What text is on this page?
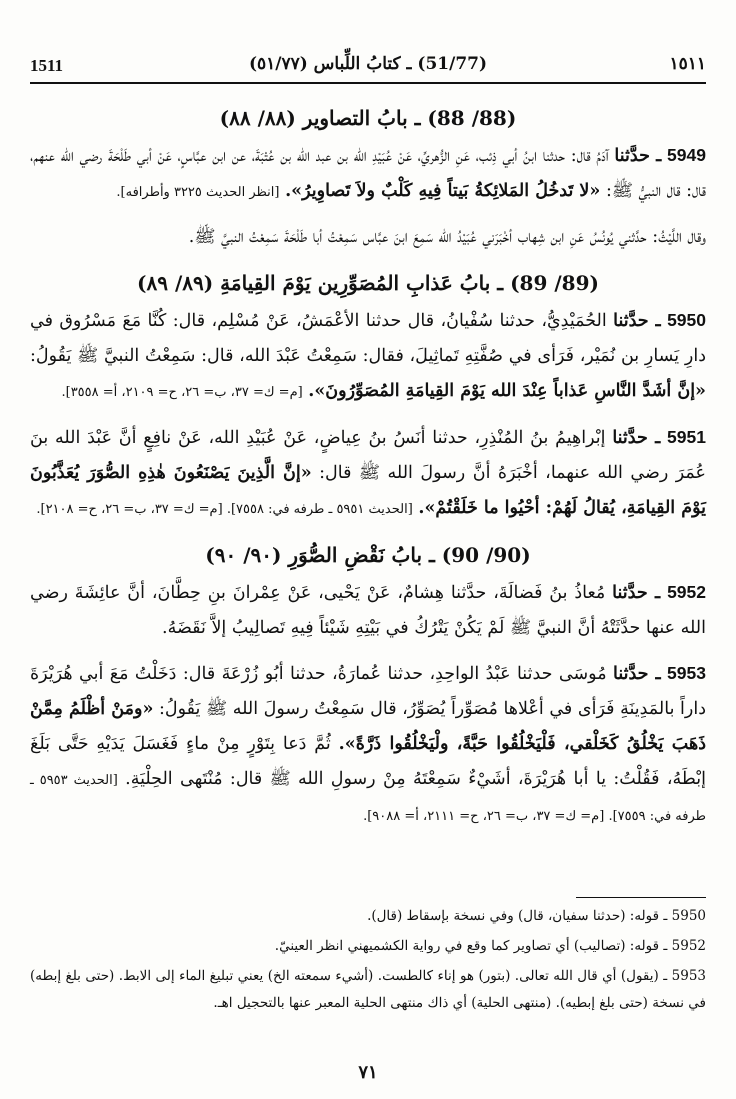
1511	(51/77) ـ كتابُ اللِّباس (٥١/٧٧)	١٥١١
(88/ 88) ـ بابُ التصاوير (٨٨/ ٨٨)

5949 ـ حدَّثنا آدَمُ قال: حدثنا ابنُ أبي ذِئب، عَنِ الزُّهريِّ، عَنْ عُبَيْدِ الله بن عبد الله بن عُتْبَةَ، عن ابن عبَّاسٍ، عَنْ أبي طَلْحَةَ رضي الله عنهم، قال: قال النبيُّ ﷺ: «لا تَدخُلُ المَلائِكةُ بَيتاً فِيهِ كَلْبٌ ولاَ تَصاوِيرُ». [انظر الحديث ٣٢٢٥ وأطرافه].

وقال اللَّيْثُ: حدَّثني يُونُسُ عَنِ ابن شِهاب أخْبَرَني عُبَيْدُ الله سَمِعَ ابنَ عبَّاس سَمِعْتُ أبا طَلْحَةَ سَمِعْتُ النبيَّ ﷺ.

(89/ 89) ـ بابُ عَذابِ المُصَوِّرِين يَوْمَ القِيامَةِ (٨٩/ ٨٩)

5950 ـ حدَّثنا الحُمَيْدِيُّ، حدثنا سُفْيانُ، قال حدثنا الأعْمَشُ، عَنْ مُسْلِم، قال: كُنَّا مَعَ مَسْرُوق في دارِ يَسارِ بن نُمَيْر، فَرَأى في صُفَّتِهِ تَماثِيلَ، فقال: سَمِعْتُ عَبْدَ الله، قال: سَمِعْتُ النبيَّ ﷺ يَقُولُ: «إنَّ أشَدَّ النَّاسِ عَذاباً عِنْدَ الله يَوْمَ القِيامَةِ المُصَوِّرُونَ». [م= ك= ٣٧، ب= ٢٦، ح= ٢١٠٩، أ= ٣٥٥٨].

5951 ـ حدَّثنا إبْراهِيمُ بنُ المُنْذِرِ، حدثنا أنَسُ بنُ عِياضٍ، عَنْ عُبَيْدِ الله، عَنْ نافِعٍ أنَّ عَبْدَ الله بنَ عُمَرَ رضي الله عنهما، أخْبَرَهُ أنَّ رسولَ الله ﷺ قال: «إنَّ الَّذِينَ يَصْنَعُونَ هٰذِهِ الصُّوَرَ يُعَذَّبُونَ يَوْمَ القِيامَةِ، يُقالُ لَهُمْ: أحْيُوا ما خَلَقْتُمْ». [الحديث ٥٩٥١ ـ طرفه في: ٧٥٥٨]. [م= ك= ٣٧، ب= ٢٦، ح= ٢١٠٨].

(90/ 90) ـ بابُ نَقْضِ الصُّوَرِ (٩٠/ ٩٠)

5952 ـ حدَّثنا مُعاذُ بنُ فَضالَةَ، حدَّثنا هِشامٌ، عَنْ يَحْيى، عَنْ عِمْرانَ بنِ حِطَّانَ، أنَّ عائِشَةَ رضي الله عنها حدَّثَتْهُ أنَّ النبيَّ ﷺ لَمْ يَكُنْ يَتْرُكُ في بَيْتِهِ شَيْئاً فِيهِ تَصالِيبُ إلاَّ نَقَضَهُ.

5953 ـ حدَّثنا مُوسَى حدثنا عَبْدُ الواحِدِ، حدثنا عُمارَةُ، حدثنا أبُو زُرْعَةَ قال: دَخَلْتُ مَعَ أبي هُرَيْرَةَ داراً بالمَدِينَةِ فَرَأى في أعْلاها مُصَوِّراً يُصَوِّرُ، قال سَمِعْتُ رسولَ الله ﷺ يَقُولُ: «ومَنْ أظْلَمُ مِمَّنْ ذَهَبَ يَخْلُقُ كَخَلْقي، فَلْيَخْلُقُوا حَبَّةً، ولْيَخْلُقُوا ذَرَّةً». ثُمَّ دَعا بِتَوْرٍ مِنْ ماءٍ فَغَسَلَ يَدَيْهِ حَتَّى بَلَغَ إبْطَهُ، فَقُلْتُ: يا أبا هُرَيْرَةَ، أشَيْءٌ سَمِعْتَهُ مِنْ رسولِ الله ﷺ قال: مُنْتَهى الحِلْيَةِ. [الحديث ٥٩٥٣ ـ طرفه في: ٧٥٥٩]. [م= ك= ٣٧، ب= ٢٦، ح= ٢١١١، أ= ٩٠٨٨].

5950 ـ قوله: (حدثنا سفيان، قال) وفي نسخة بإسقاط (قال).

5952 ـ قوله: (تصاليب) أي تصاوير كما وقع في رواية الكشميهني انظر العينيّ.

5953 ـ (يقول) أي قال الله تعالى. (بتور) هو إناء كالطست. (أشيء سمعته الخ) يعني تبليغ الماء إلى الابط. (حتى بلغ إبطه) في نسخة (حتى بلغ إبطيه). (منتهى الحلية) أي ذاك منتهى الحلية المعبر عنها بالتحجيل اهـ.

٧١
